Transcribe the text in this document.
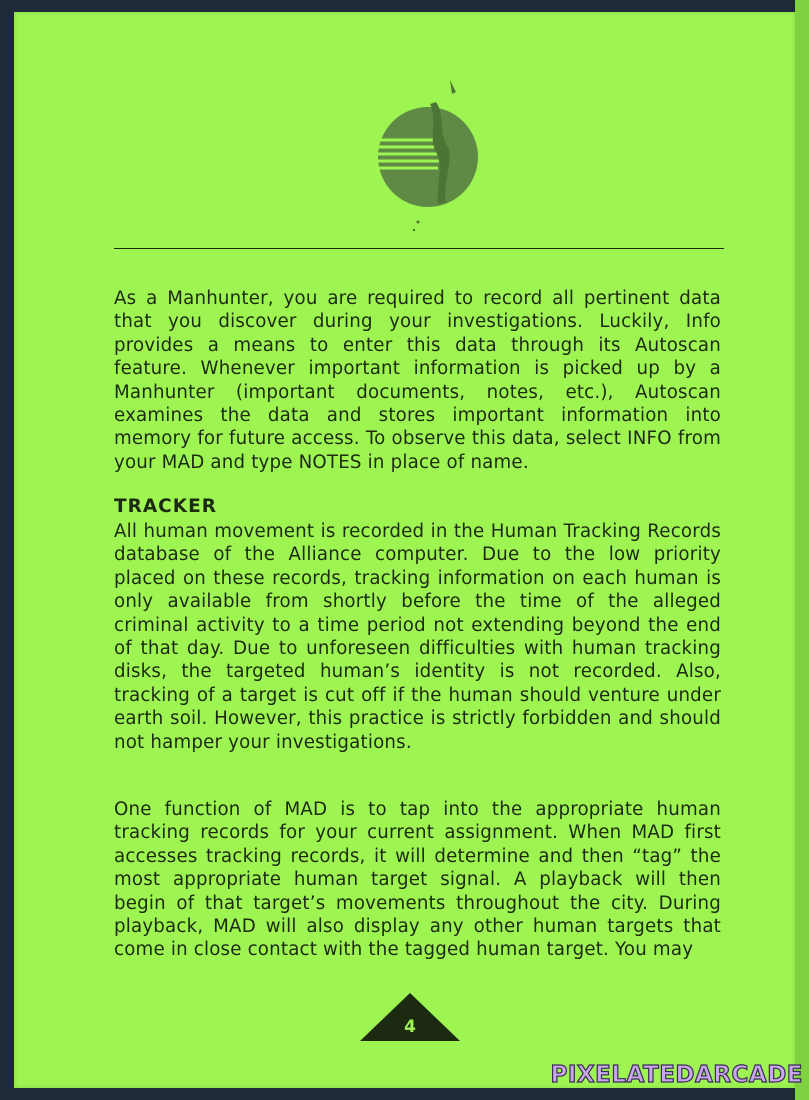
As a Manhunter, you are required to record all pertinent data that you discover during your investigations. Luckily, Info provides a means to enter this data through its Autoscan feature. Whenever important information is picked up by a Manhunter (important documents, notes, etc.), Autoscan examines the data and stores important information into memory for future access. To observe this data, select INFO from your MAD and type NOTES in place of name.

TRACKER

All human movement is recorded in the Human Tracking Records database of the Alliance computer. Due to the low priority placed on these records, tracking information on each human is only available from shortly before the time of the alleged criminal activity to a time period not extending beyond the end of that day. Due to unforeseen difficulties with human tracking disks, the targeted human’s identity is not recorded. Also, tracking of a target is cut off if the human should venture under earth soil. However, this practice is strictly forbidden and should not hamper your investigations.

One function of MAD is to tap into the appropriate human tracking records for your current assignment. When MAD first accesses tracking records, it will determine and then “tag” the most appropriate human target signal. A playback will then begin of that target’s movements throughout the city. During playback, MAD will also display any other human targets that come in close contact with the tagged human target. You may

4
PIXELATEDARCADE
